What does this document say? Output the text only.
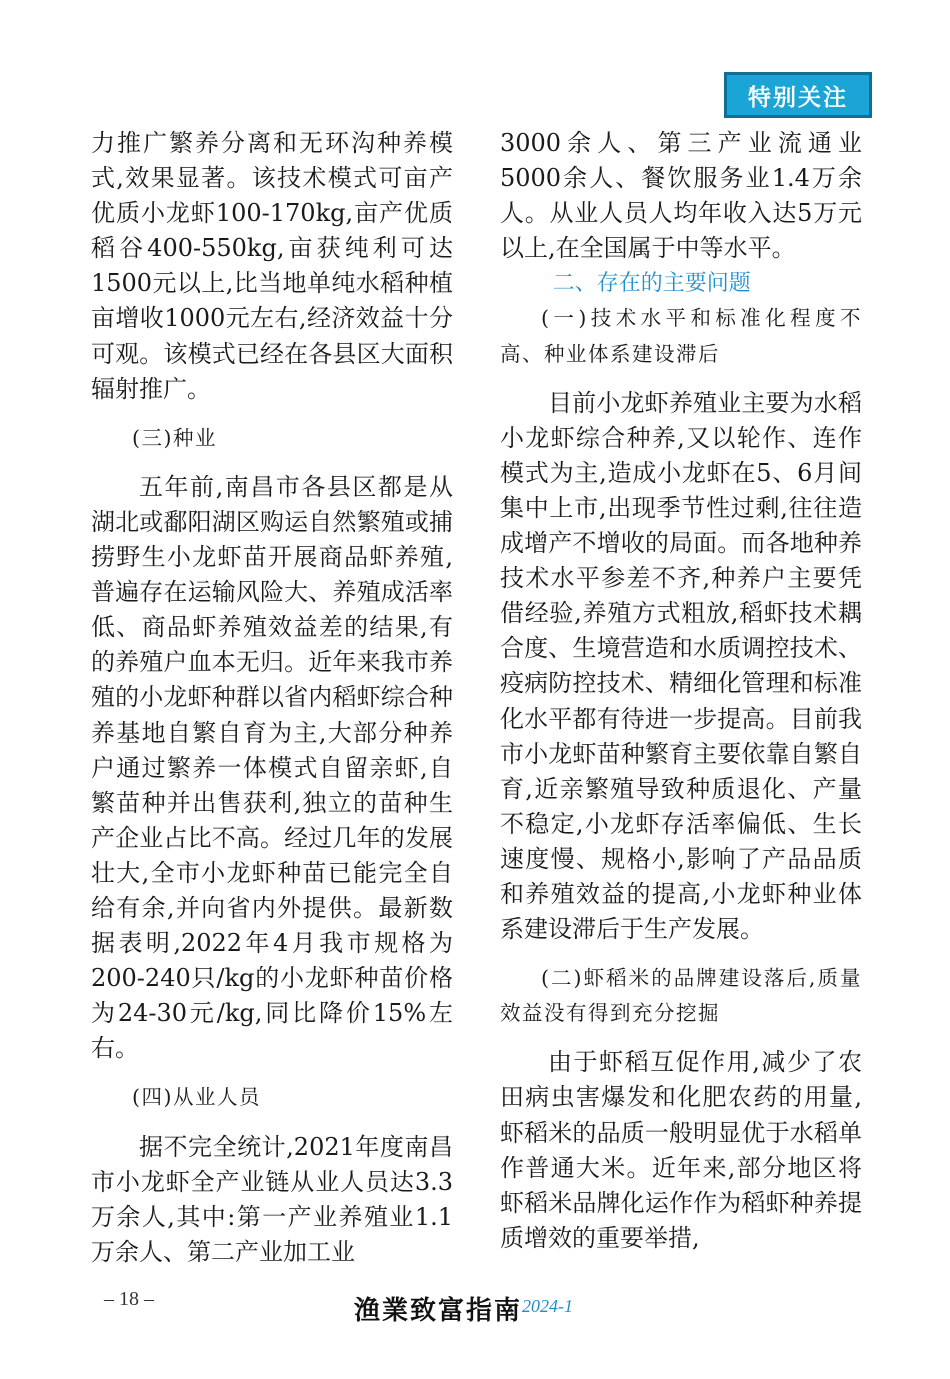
特别关注

力推广繁养分离和无环沟种养模式,效果显著。该技术模式可亩产优质小龙虾100-170kg,亩产优质稻谷400-550kg,亩获纯利可达1500元以上,比当地单纯水稻种植亩增收1000元左右,经济效益十分可观。该模式已经在各县区大面积辐射推广。

(三)种业

五年前,南昌市各县区都是从湖北或鄱阳湖区购运自然繁殖或捕捞野生小龙虾苗开展商品虾养殖,普遍存在运输风险大、养殖成活率低、商品虾养殖效益差的结果,有的养殖户血本无归。近年来我市养殖的小龙虾种群以省内稻虾综合种养基地自繁自育为主,大部分种养户通过繁养一体模式自留亲虾,自繁苗种并出售获利,独立的苗种生产企业占比不高。经过几年的发展壮大,全市小龙虾种苗已能完全自给有余,并向省内外提供。最新数据表明,2022年4月我市规格为200-240只/kg的小龙虾种苗价格为24-30元/kg,同比降价15%左右。

(四)从业人员

据不完全统计,2021年度南昌市小龙虾全产业链从业人员达3.3万余人,其中:第一产业养殖业1.1万余人、第二产业加工业

3000余人、第三产业流通业5000余人、餐饮服务业1.4万余人。从业人员人均年收入达5万元以上,在全国属于中等水平。

二、存在的主要问题

(一)技术水平和标准化程度不高、种业体系建设滞后

目前小龙虾养殖业主要为水稻小龙虾综合种养,又以轮作、连作模式为主,造成小龙虾在5、6月间集中上市,出现季节性过剩,往往造成增产不增收的局面。而各地种养技术水平参差不齐,种养户主要凭借经验,养殖方式粗放,稻虾技术耦合度、生境营造和水质调控技术、疫病防控技术、精细化管理和标准化水平都有待进一步提高。目前我市小龙虾苗种繁育主要依靠自繁自育,近亲繁殖导致种质退化、产量不稳定,小龙虾存活率偏低、生长速度慢、规格小,影响了产品品质和养殖效益的提高,小龙虾种业体系建设滞后于生产发展。

(二)虾稻米的品牌建设落后,质量效益没有得到充分挖掘

由于虾稻互促作用,减少了农田病虫害爆发和化肥农药的用量,虾稻米的品质一般明显优于水稻单作普通大米。近年来,部分地区将虾稻米品牌化运作作为稻虾种养提质增效的重要举措,

– 18 –	渔業致富指南 2024-1
